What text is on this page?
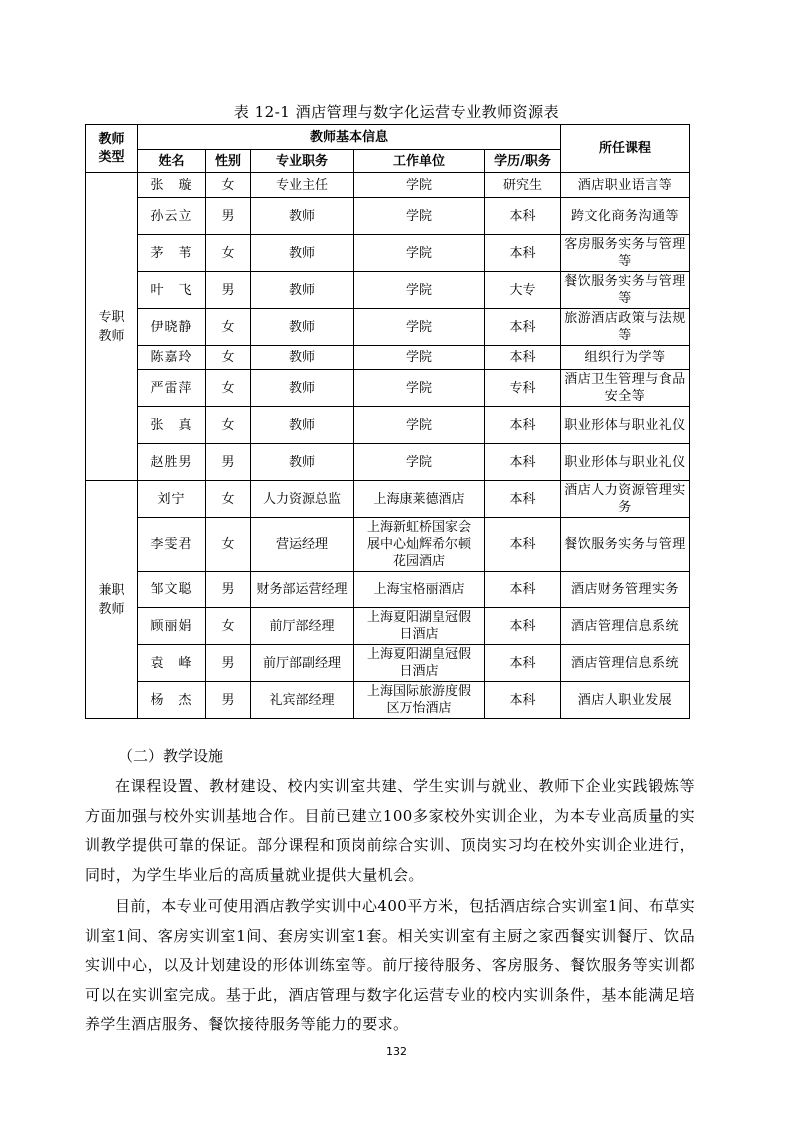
表 12-1 酒店管理与数字化运营专业教师资源表
教师类型	教师基本信息					所任课程
	姓名	性别	专业职务	工作单位	学历/职务	
专职教师	张　璇	女	专业主任	学院	研究生	酒店职业语言等
	孙云立	男	教师	学院	本科	跨文化商务沟通等
	茅　苇	女	教师	学院	本科	客房服务实务与管理等
	叶　飞	男	教师	学院	大专	餐饮服务实务与管理等
	伊晓静	女	教师	学院	本科	旅游酒店政策与法规等
	陈嘉玲	女	教师	学院	本科	组织行为学等
	严雷萍	女	教师	学院	专科	酒店卫生管理与食品安全等
	张　真	女	教师	学院	本科	职业形体与职业礼仪
	赵胜男	男	教师	学院	本科	职业形体与职业礼仪
兼职教师	刘宁	女	人力资源总监	上海康莱德酒店	本科	酒店人力资源管理实务
	李雯君	女	营运经理	上海新虹桥国家会展中心灿辉希尔顿花园酒店	本科	餐饮服务实务与管理
	邹文聪	男	财务部运营经理	上海宝格丽酒店	本科	酒店财务管理实务
	顾丽娟	女	前厅部经理	上海夏阳湖皇冠假日酒店	本科	酒店管理信息系统
	袁　峰	男	前厅部副经理	上海夏阳湖皇冠假日酒店	本科	酒店管理信息系统
	杨　杰	男	礼宾部经理	上海国际旅游度假区万怡酒店	本科	酒店人职业发展
（二）教学设施
在课程设置、教材建设、校内实训室共建、学生实训与就业、教师下企业实践锻炼等方面加强与校外实训基地合作。目前已建立100多家校外实训企业，为本专业高质量的实训教学提供可靠的保证。部分课程和顶岗前综合实训、顶岗实习均在校外实训企业进行，同时，为学生毕业后的高质量就业提供大量机会。
目前，本专业可使用酒店教学实训中心400平方米，包括酒店综合实训室1间、布草实训室1间、客房实训室1间、套房实训室1套。相关实训室有主厨之家西餐实训餐厅、饮品实训中心，以及计划建设的形体训练室等。前厅接待服务、客房服务、餐饮服务等实训都可以在实训室完成。基于此，酒店管理与数字化运营专业的校内实训条件，基本能满足培养学生酒店服务、餐饮接待服务等能力的要求。
132
